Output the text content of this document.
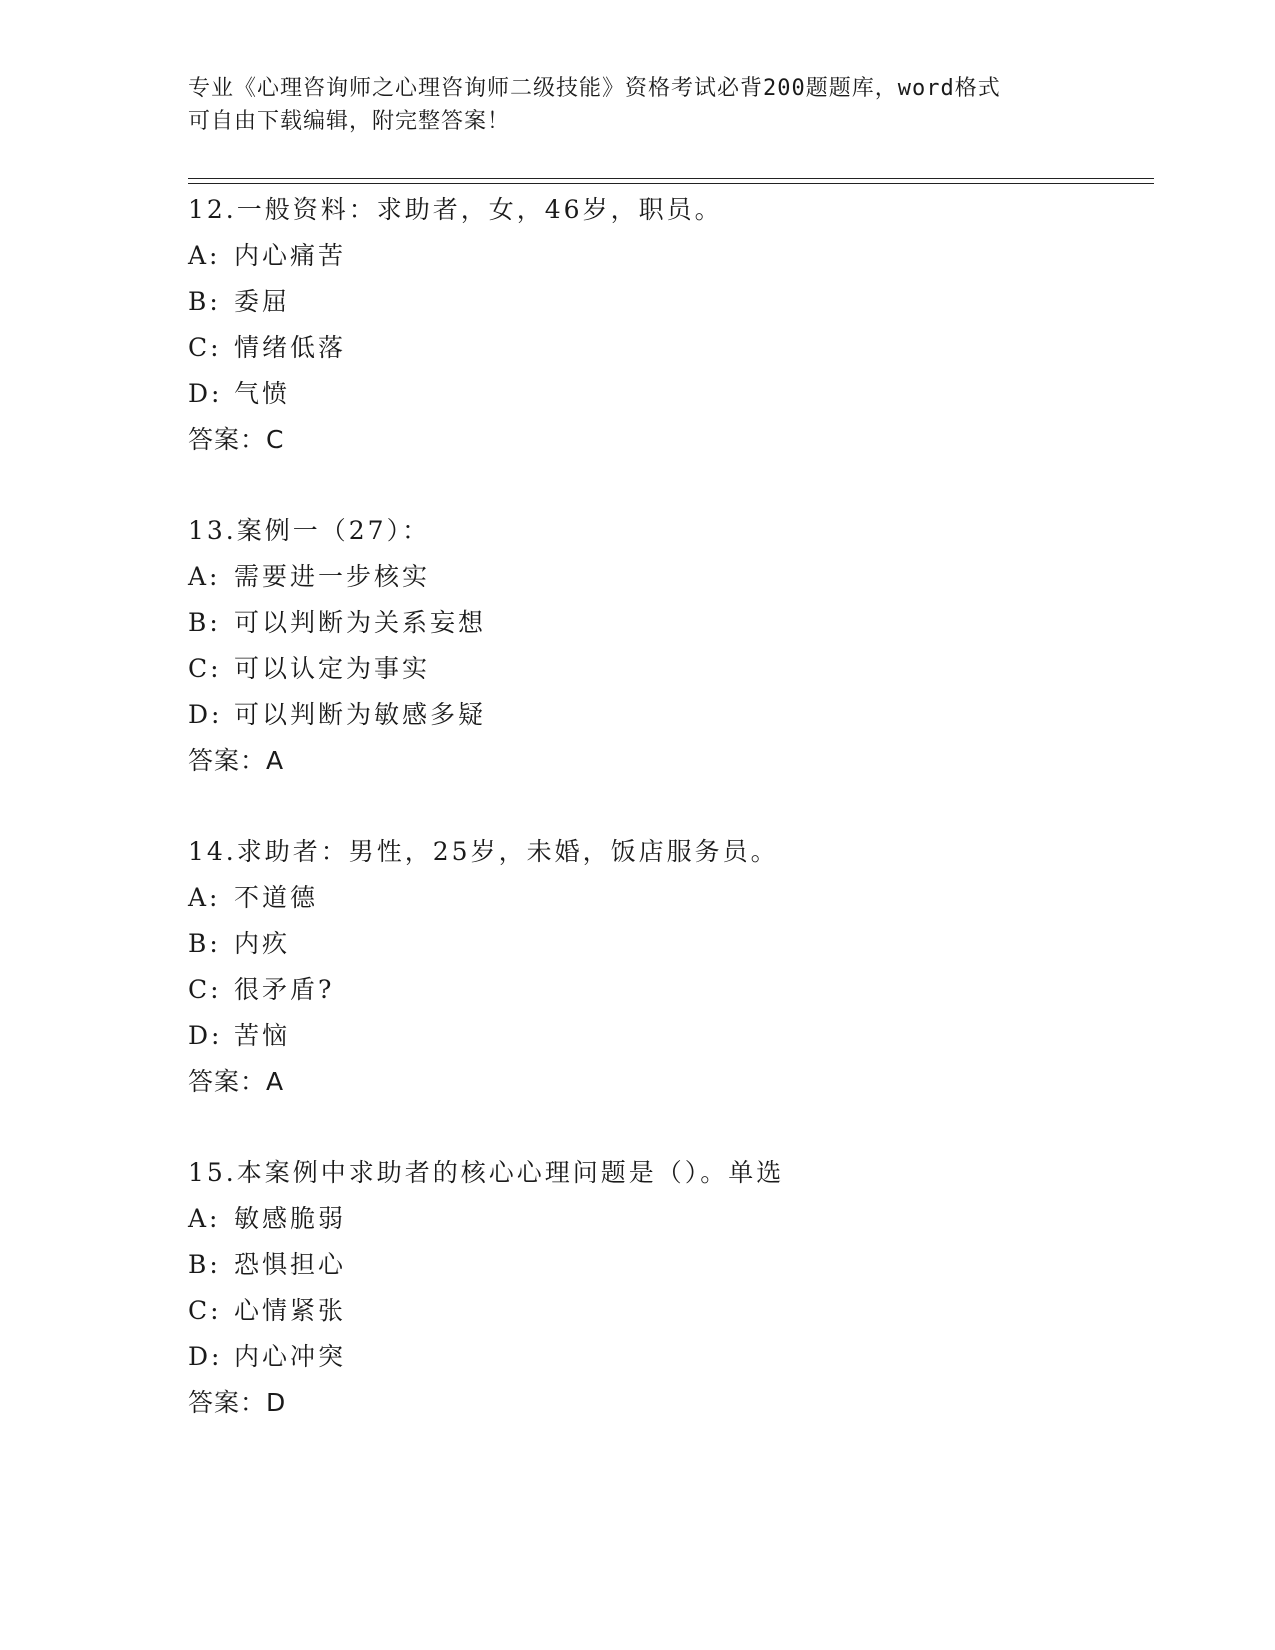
专业《心理咨询师之心理咨询师二级技能》资格考试必背200题题库，word格式
可自由下载编辑，附完整答案！
12.一般资料：求助者，女，46岁，职员。
A: 内心痛苦
B: 委屈
C: 情绪低落
D: 气愤
答案：C
13.案例一（27）：
A: 需要进一步核实
B: 可以判断为关系妄想
C: 可以认定为事实
D: 可以判断为敏感多疑
答案：A
14.求助者：男性，25岁，未婚，饭店服务员。
A: 不道德
B: 内疚
C: 很矛盾?
D: 苦恼
答案：A
15.本案例中求助者的核心心理问题是（）。单选
A: 敏感脆弱
B: 恐惧担心
C: 心情紧张
D: 内心冲突
答案：D
